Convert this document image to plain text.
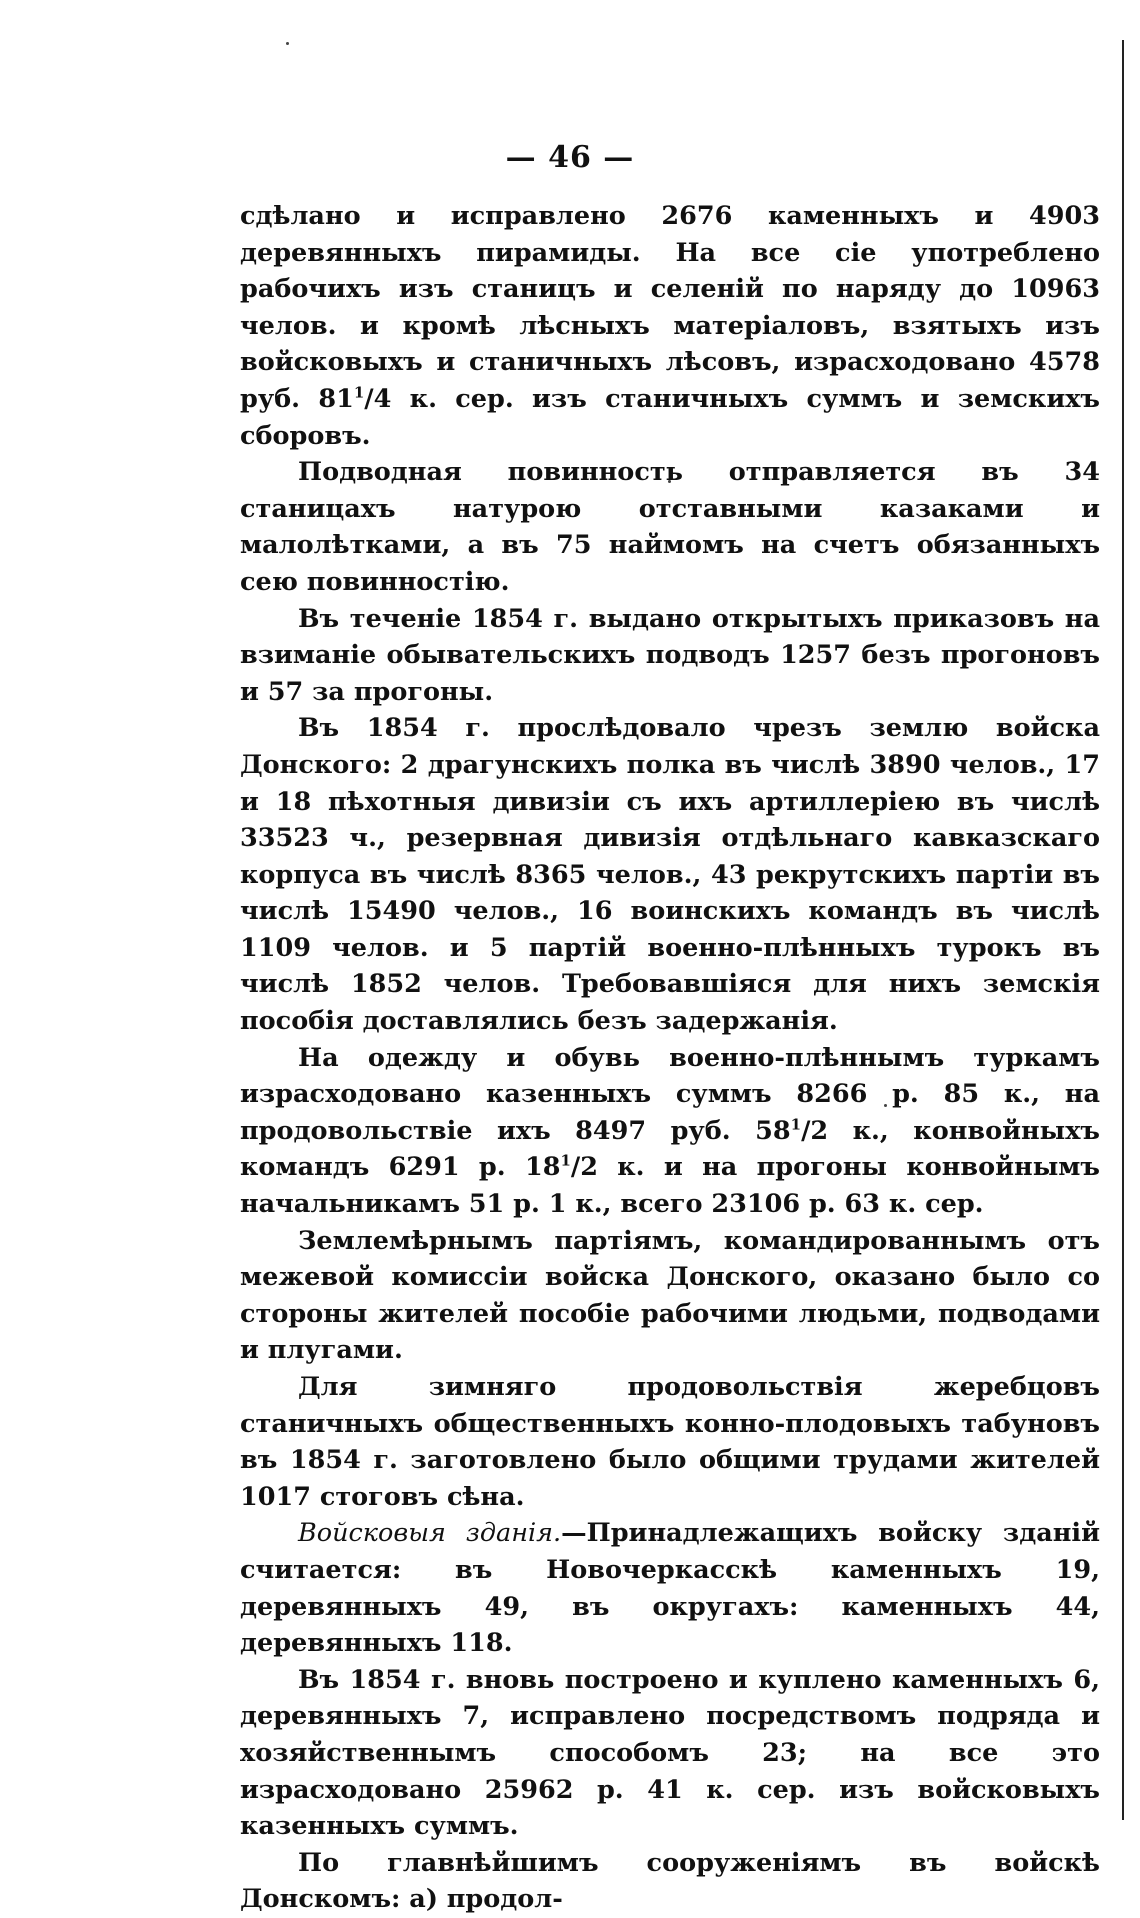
— 46 —

сдѣлано и исправлено 2676 каменныхъ и 4903 деревянныхъ пирамиды. На все сіе употреблено рабочихъ изъ станицъ и селеній по наряду до 10963 челов. и кромѣ лѣсныхъ матеріаловъ, взятыхъ изъ войсковыхъ и станичныхъ лѣсовъ, израсходовано 4578 руб. $81^1/4$ к. сер. изъ станичныхъ суммъ и земскихъ сборовъ.

Подводная повинность отправляется въ 34 станицахъ натурою отставными казаками и малолѣтками, а въ 75 наймомъ на счетъ обязанныхъ сею повинностію.

Въ теченіе 1854 г. выдано открытыхъ приказовъ на взиманіе обывательскихъ подводъ 1257 безъ прогоновъ и 57 за прогоны.

Въ 1854 г. прослѣдовало чрезъ землю войска Донского: 2 драгунскихъ полка въ числѣ 3890 челов., 17 и 18 пѣхотныя дивизіи съ ихъ артиллеріею въ числѣ 33523 ч., резервная дивизія отдѣльнаго кавказскаго корпуса въ числѣ 8365 челов., 43 рекрутскихъ партіи въ числѣ 15490 челов., 16 воинскихъ командъ въ числѣ 1109 челов. и 5 партій военно-плѣнныхъ турокъ въ числѣ 1852 челов. Требовавшіяся для нихъ земскія пособія доставлялись безъ задержанія.

На одежду и обувь военно-плѣннымъ туркамъ израсходовано казенныхъ суммъ 8266 р. 85 к., на продовольствіе ихъ 8497 руб. $58^1/2$ к., конвойныхъ командъ 6291 р. $18^1/2$ к. и на прогоны конвойнымъ начальникамъ 51 р. 1 к., всего 23106 р. 63 к. сер.

Землемѣрнымъ партіямъ, командированнымъ отъ межевой комиссіи войска Донского, оказано было со стороны жителей пособіе рабочими людьми, подводами и плугами.

Для зимняго продовольствія жеребцовъ станичныхъ общественныхъ конно-плодовыхъ табуновъ въ 1854 г. заготовлено было общими трудами жителей 1017 стоговъ сѣна.

Войсковыя зданія.—Принадлежащихъ войску зданій считается: въ Новочеркасскѣ каменныхъ 19, деревянныхъ 49, въ округахъ: каменныхъ 44, деревянныхъ 118.

Въ 1854 г. вновь построено и куплено каменныхъ 6, деревянныхъ 7, исправлено посредствомъ подряда и хозяйственнымъ способомъ 23; на все это израсходовано 25962 р. 41 к. сер. изъ войсковыхъ казенныхъ суммъ.

По главнѣйшимъ сооруженіямъ въ войскѣ Донскомъ: а) продол-
